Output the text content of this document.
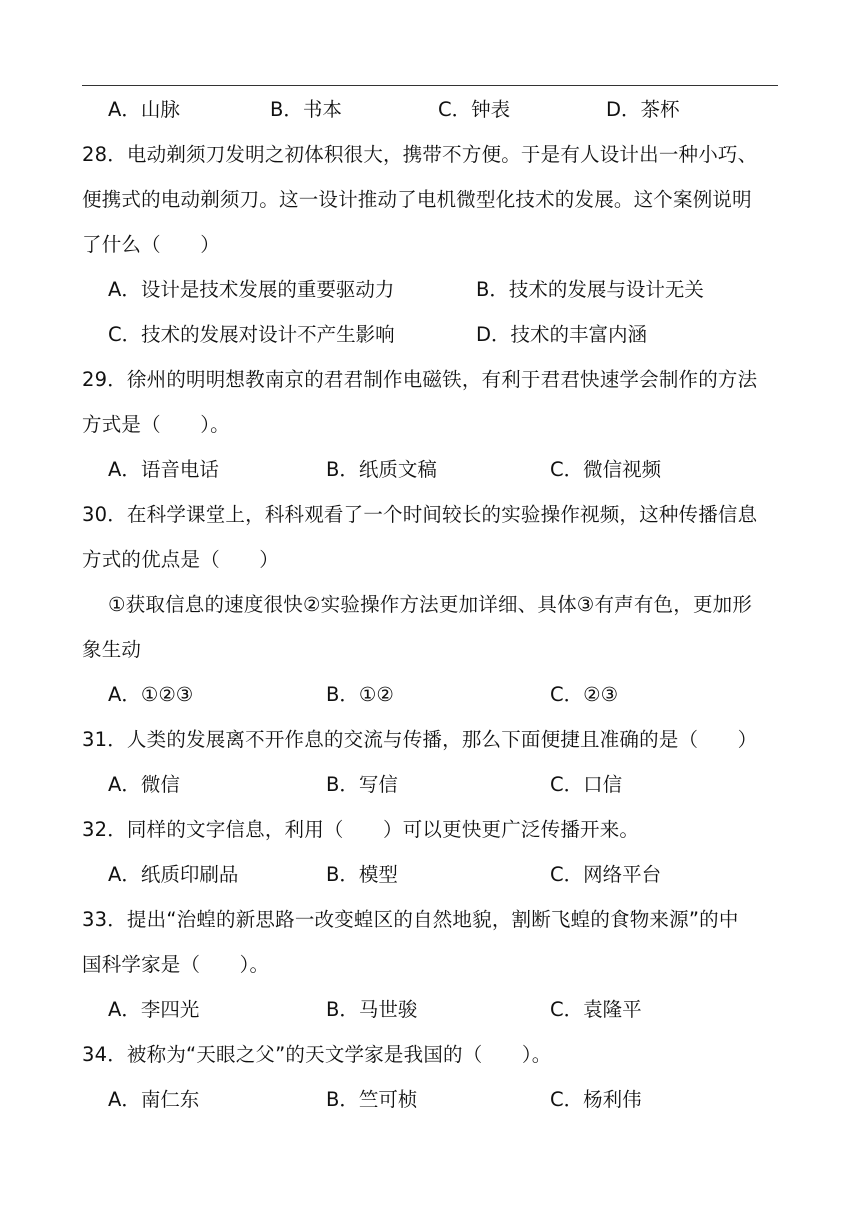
A．山脉	B．书本	C．钟表	D．茶杯
28．电动剃须刀发明之初体积很大，携带不方便。于是有人设计出一种小巧、
便携式的电动剃须刀。这一设计推动了电机微型化技术的发展。这个案例说明
了什么（　　）
A．设计是技术发展的重要驱动力	B．技术的发展与设计无关
C．技术的发展对设计不产生影响	D．技术的丰富内涵
29．徐州的明明想教南京的君君制作电磁铁，有利于君君快速学会制作的方法
方式是（　　）。
A．语音电话	B．纸质文稿	C．微信视频
30．在科学课堂上，科科观看了一个时间较长的实验操作视频，这种传播信息
方式的优点是（　　）
①获取信息的速度很快②实验操作方法更加详细、具体③有声有色，更加形
象生动
A．①②③	B．①②	C．②③
31．人类的发展离不开作息的交流与传播，那么下面便捷且准确的是（　　）
A．微信	B．写信	C．口信
32．同样的文字信息，利用（　　）可以更快更广泛传播开来。
A．纸质印刷品	B．模型	C．网络平台
33．提出“治蝗的新思路一改变蝗区的自然地貌，割断飞蝗的食物来源”的中
国科学家是（　　）。
A．李四光	B．马世骏	C．袁隆平
34．被称为“天眼之父”的天文学家是我国的（　　）。
A．南仁东	B．竺可桢	C．杨利伟
